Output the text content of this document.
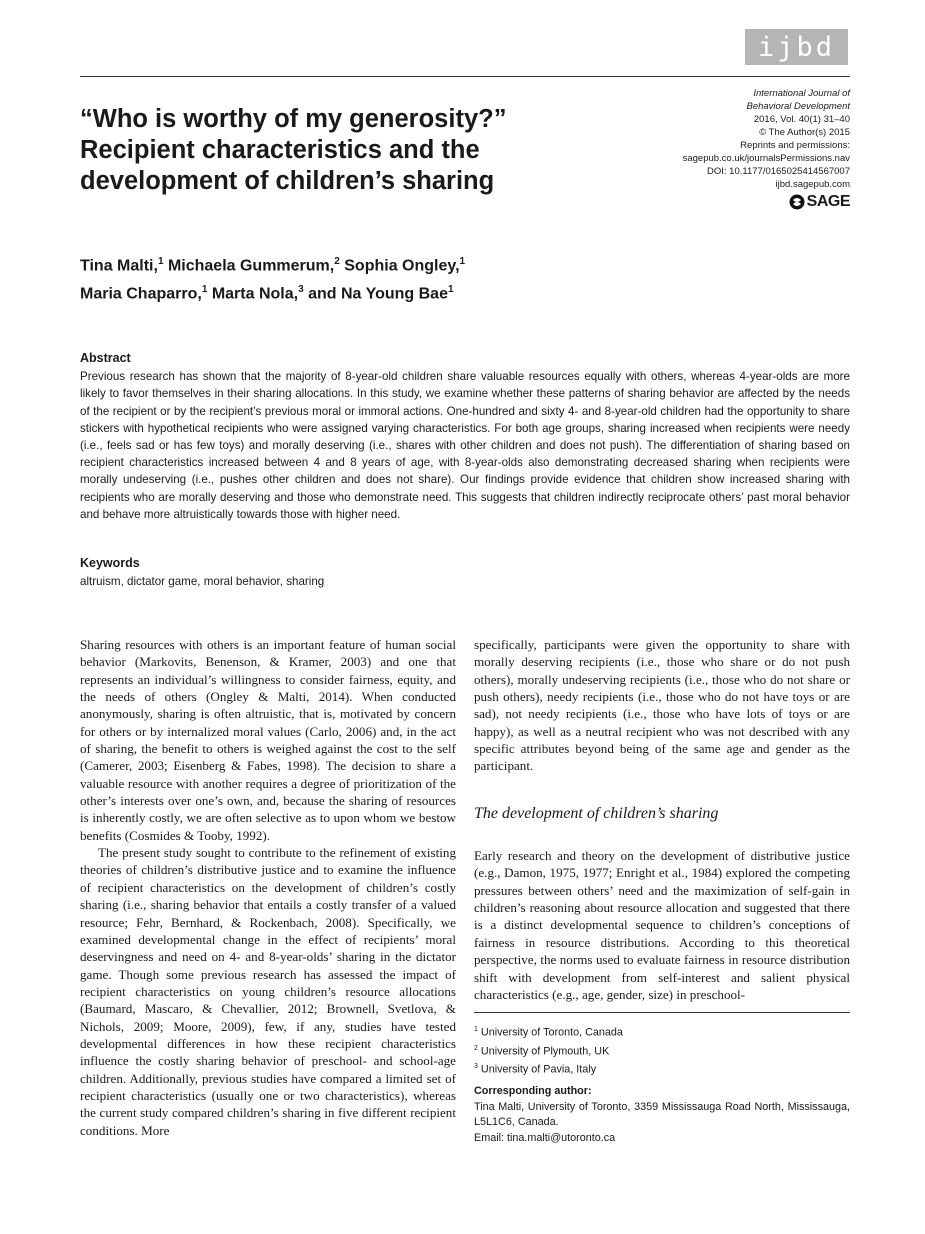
ijbd
“Who is worthy of my generosity?”
Recipient characteristics and the
development of children’s sharing
International Journal of
Behavioral Development
2016, Vol. 40(1) 31–40
© The Author(s) 2015
Reprints and permissions:
sagepub.co.uk/journalsPermissions.nav
DOI: 10.1177/0165025414567007
ijbd.sagepub.com
SAGE
Tina Malti,$^1$ Michaela Gummerum,$^2$ Sophia Ongley,$^1$
Maria Chaparro,$^1$ Marta Nola,$^3$ and Na Young Bae$^1$
Abstract
Previous research has shown that the majority of 8-year-old children share valuable resources equally with others, whereas 4-year-olds are more likely to favor themselves in their sharing allocations. In this study, we examine whether these patterns of sharing behavior are affected by the needs of the recipient or by the recipient’s previous moral or immoral actions. One-hundred and sixty 4- and 8-year-old children had the opportunity to share stickers with hypothetical recipients who were assigned varying characteristics. For both age groups, sharing increased when recipients were needy (i.e., feels sad or has few toys) and morally deserving (i.e., shares with other children and does not push). The differentiation of sharing based on recipient characteristics increased between 4 and 8 years of age, with 8-year-olds also demonstrating decreased sharing when recipients were morally undeserving (i.e., pushes other children and does not share). Our findings provide evidence that children show increased sharing with recipients who are morally deserving and those who demonstrate need. This suggests that children indirectly reciprocate others’ past moral behavior and behave more altruistically towards those with higher need.
Keywords
altruism, dictator game, moral behavior, sharing

Sharing resources with others is an important feature of human social behavior (Markovits, Benenson, & Kramer, 2003) and one that represents an individual’s willingness to consider fairness, equity, and the needs of others (Ongley & Malti, 2014). When conducted anonymously, sharing is often altruistic, that is, motivated by concern for others or by internalized moral values (Carlo, 2006) and, in the act of sharing, the benefit to others is weighed against the cost to the self (Camerer, 2003; Eisenberg & Fabes, 1998). The decision to share a valuable resource with another requires a degree of prioritization of the other’s interests over one’s own, and, because the sharing of resources is inherently costly, we are often selective as to upon whom we bestow benefits (Cosmides & Tooby, 1992).

The present study sought to contribute to the refinement of existing theories of children’s distributive justice and to examine the influence of recipient characteristics on the development of children’s costly sharing (i.e., sharing behavior that entails a costly transfer of a valued resource; Fehr, Bernhard, & Rockenbach, 2008). Specifically, we examined developmental change in the effect of recipients’ moral deservingness and need on 4- and 8-year-olds’ sharing in the dictator game. Though some previous research has assessed the impact of recipient characteristics on young children’s resource allocations (Baumard, Mascaro, & Chevallier, 2012; Brownell, Svetlova, & Nichols, 2009; Moore, 2009), few, if any, studies have tested developmental differences in how these recipient characteristics influence the costly sharing behavior of preschool- and school-age children. Additionally, previous studies have compared a limited set of recipient characteristics (usually one or two characteristics), whereas the current study compared children’s sharing in five different recipient conditions. More

specifically, participants were given the opportunity to share with morally deserving recipients (i.e., those who share or do not push others), morally undeserving recipients (i.e., those who do not share or push others), needy recipients (i.e., those who do not have toys or are sad), not needy recipients (i.e., those who have lots of toys or are happy), as well as a neutral recipient who was not described with any specific attributes beyond being of the same age and gender as the participant.

The development of children’s sharing

Early research and theory on the development of distributive justice (e.g., Damon, 1975, 1977; Enright et al., 1984) explored the competing pressures between others’ need and the maximization of self-gain in children’s reasoning about resource allocation and suggested that there is a distinct developmental sequence to children’s conceptions of fairness in resource distributions. According to this theoretical perspective, the norms used to evaluate fairness in resource distribution shift with development from self-interest and salient physical characteristics (e.g., age, gender, size) in preschool-

$^1$ University of Toronto, Canada
$^2$ University of Plymouth, UK
$^3$ University of Pavia, Italy
Corresponding author:
Tina Malti, University of Toronto, 3359 Mississauga Road North, Mississauga, L5L1C6, Canada.
Email: tina.malti@utoronto.ca
